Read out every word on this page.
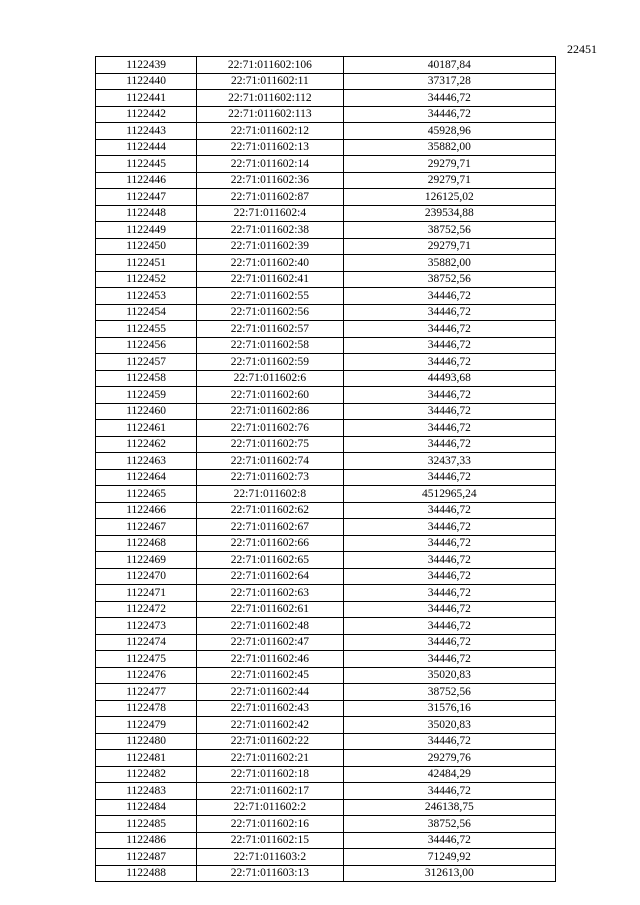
22451
1122439	22:71:011602:106	40187,84
1122440	22:71:011602:11	37317,28
1122441	22:71:011602:112	34446,72
1122442	22:71:011602:113	34446,72
1122443	22:71:011602:12	45928,96
1122444	22:71:011602:13	35882,00
1122445	22:71:011602:14	29279,71
1122446	22:71:011602:36	29279,71
1122447	22:71:011602:87	126125,02
1122448	22:71:011602:4	239534,88
1122449	22:71:011602:38	38752,56
1122450	22:71:011602:39	29279,71
1122451	22:71:011602:40	35882,00
1122452	22:71:011602:41	38752,56
1122453	22:71:011602:55	34446,72
1122454	22:71:011602:56	34446,72
1122455	22:71:011602:57	34446,72
1122456	22:71:011602:58	34446,72
1122457	22:71:011602:59	34446,72
1122458	22:71:011602:6	44493,68
1122459	22:71:011602:60	34446,72
1122460	22:71:011602:86	34446,72
1122461	22:71:011602:76	34446,72
1122462	22:71:011602:75	34446,72
1122463	22:71:011602:74	32437,33
1122464	22:71:011602:73	34446,72
1122465	22:71:011602:8	4512965,24
1122466	22:71:011602:62	34446,72
1122467	22:71:011602:67	34446,72
1122468	22:71:011602:66	34446,72
1122469	22:71:011602:65	34446,72
1122470	22:71:011602:64	34446,72
1122471	22:71:011602:63	34446,72
1122472	22:71:011602:61	34446,72
1122473	22:71:011602:48	34446,72
1122474	22:71:011602:47	34446,72
1122475	22:71:011602:46	34446,72
1122476	22:71:011602:45	35020,83
1122477	22:71:011602:44	38752,56
1122478	22:71:011602:43	31576,16
1122479	22:71:011602:42	35020,83
1122480	22:71:011602:22	34446,72
1122481	22:71:011602:21	29279,76
1122482	22:71:011602:18	42484,29
1122483	22:71:011602:17	34446,72
1122484	22:71:011602:2	246138,75
1122485	22:71:011602:16	38752,56
1122486	22:71:011602:15	34446,72
1122487	22:71:011603:2	71249,92
1122488	22:71:011603:13	312613,00
